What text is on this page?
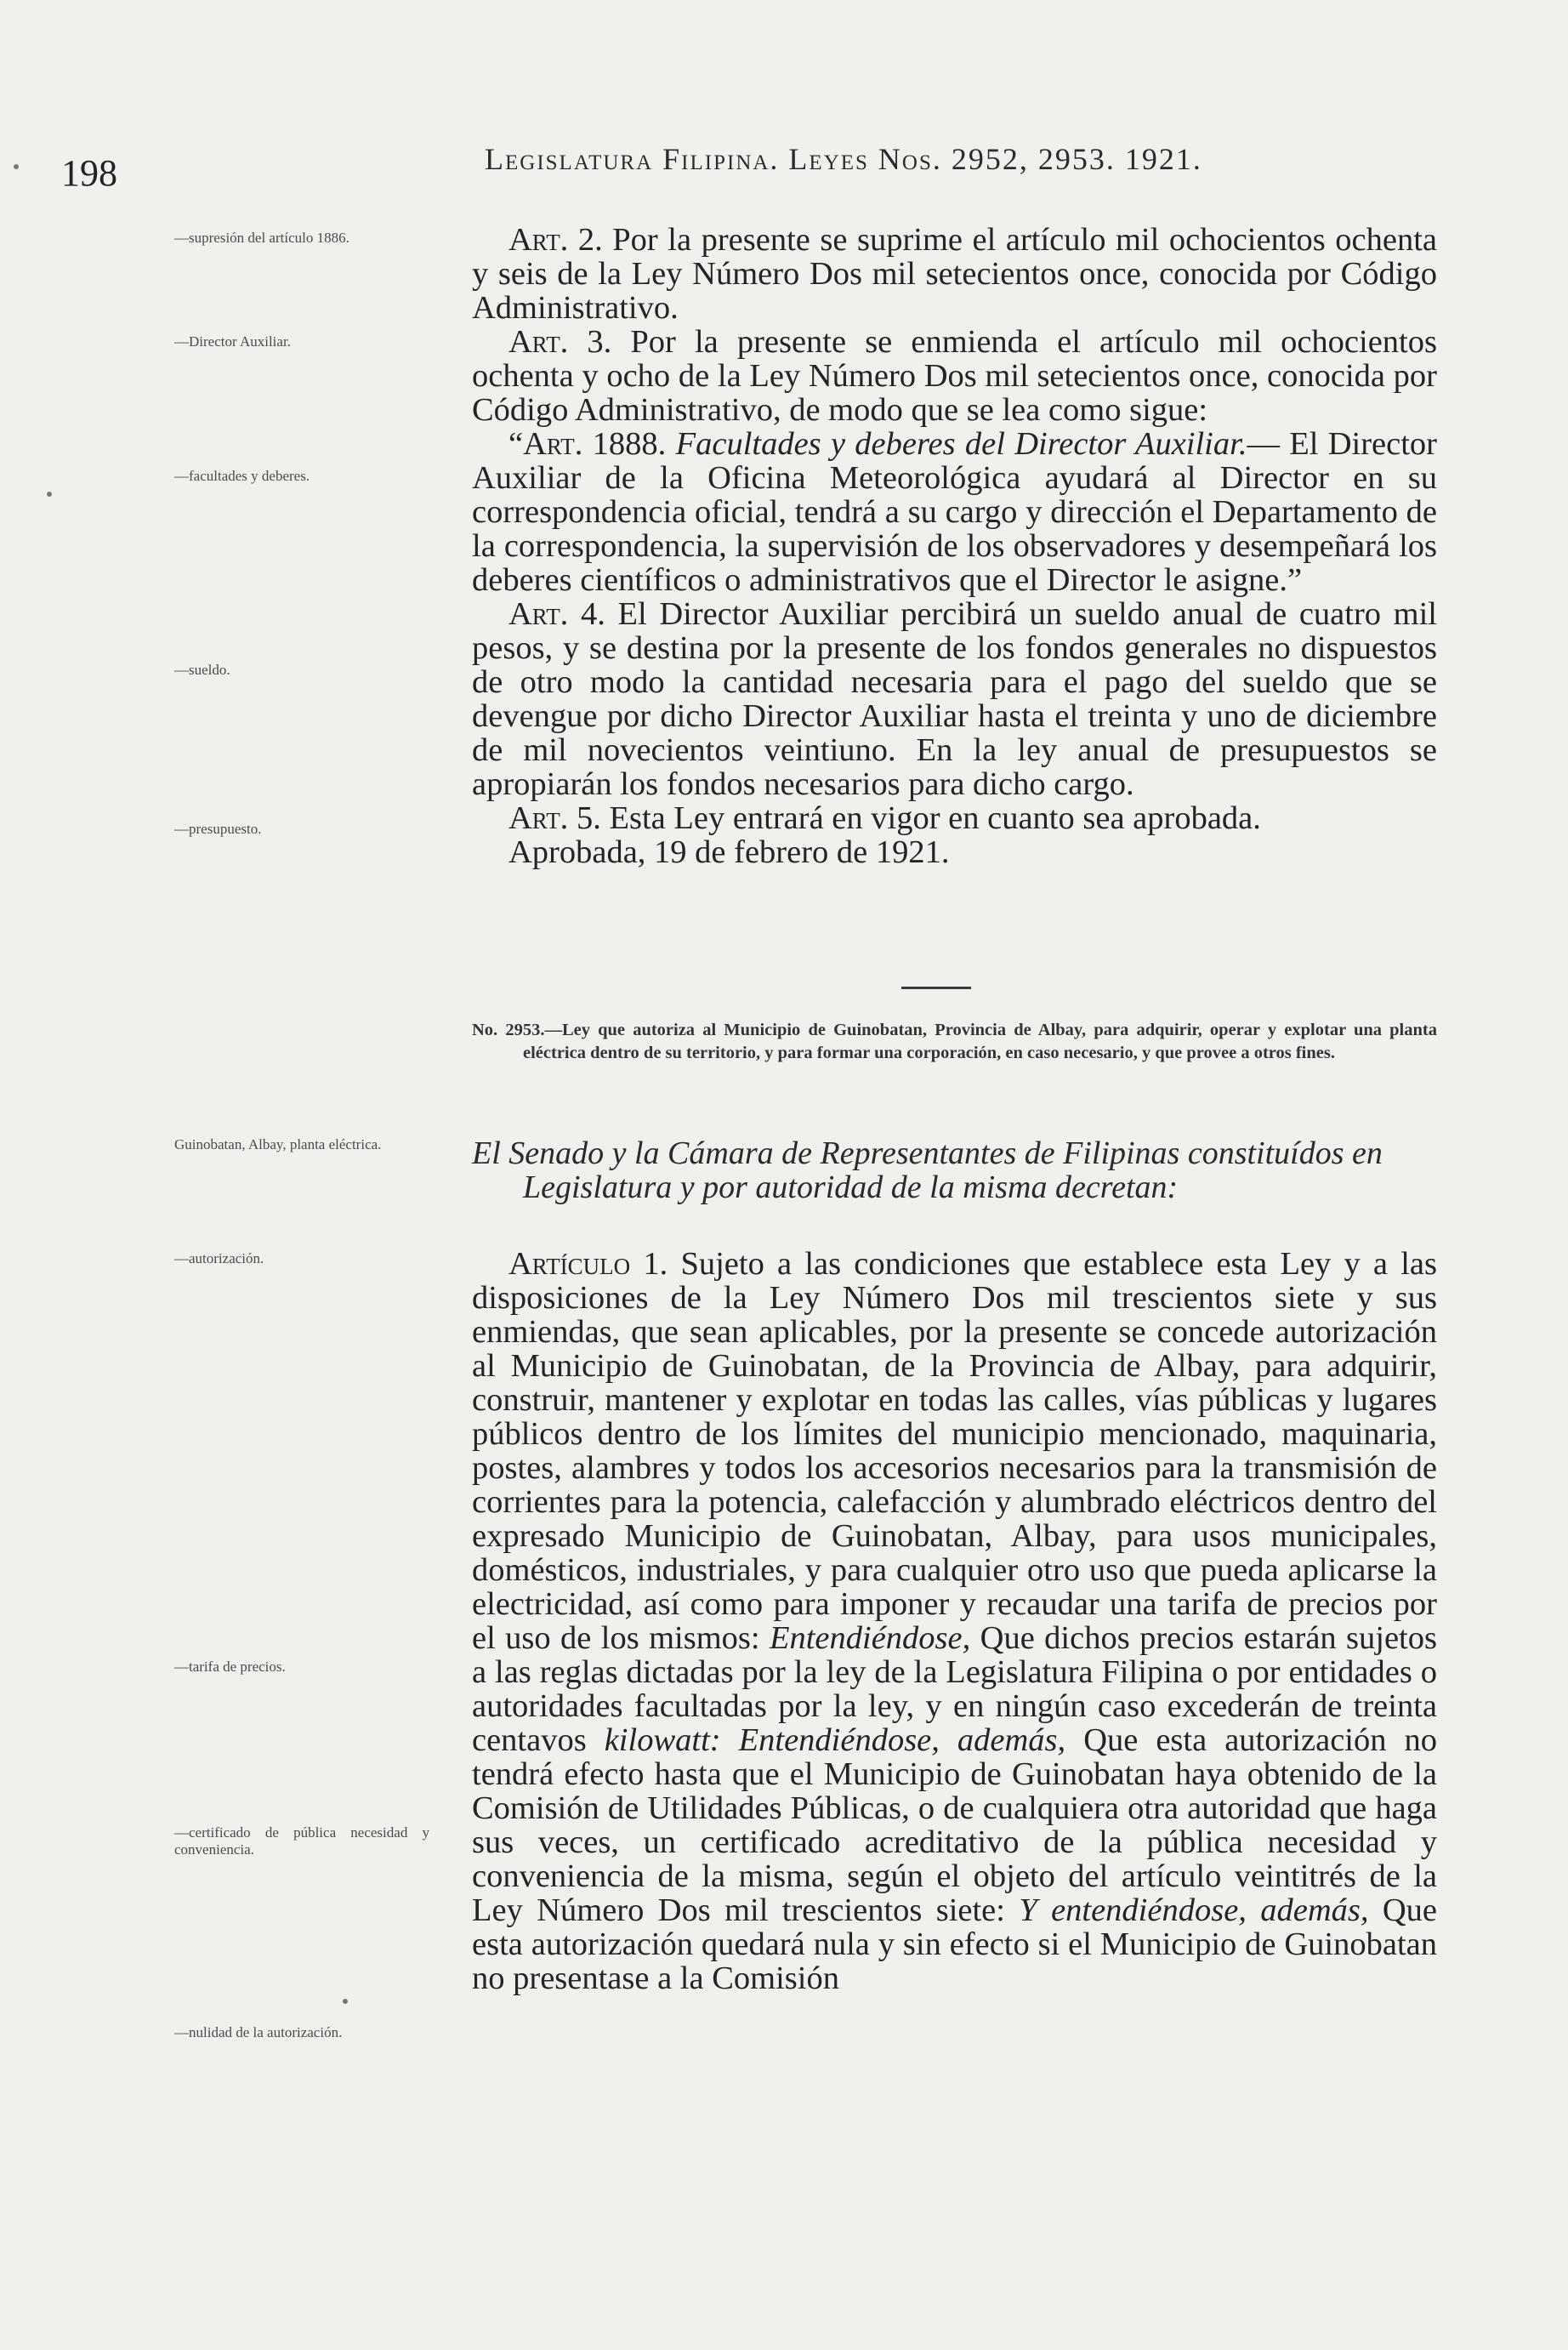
198	Legislatura Filipina. Leyes Nos. 2952, 2953. 1921.
—supresión del artículo 1886.
—Director Auxiliar.
—facultades y deberes.
—sueldo.
—presupuesto.
Guinobatan, Albay, planta eléctrica.
—autorización.
—tarifa de precios.
—certificado de pública necesidad y conveniencia.
—nulidad de la autorización.

Art. 2. Por la presente se suprime el artículo mil ochocientos ochenta y seis de la Ley Número Dos mil setecientos once, conocida por Código Administrativo.

Art. 3. Por la presente se enmienda el artículo mil ochocientos ochenta y ocho de la Ley Número Dos mil setecientos once, conocida por Código Administrativo, de modo que se lea como sigue:

“Art. 1888. Facultades y deberes del Director Auxiliar.— El Director Auxiliar de la Oficina Meteorológica ayudará al Director en su correspondencia oficial, tendrá a su cargo y dirección el Departamento de la correspondencia, la supervisión de los observadores y desempeñará los deberes científicos o administrativos que el Director le asigne.”

Art. 4. El Director Auxiliar percibirá un sueldo anual de cuatro mil pesos, y se destina por la presente de los fondos generales no dispuestos de otro modo la cantidad necesaria para el pago del sueldo que se devengue por dicho Director Auxiliar hasta el treinta y uno de diciembre de mil novecientos veintiuno. En la ley anual de presupuestos se apropiarán los fondos necesarios para dicho cargo.

Art. 5. Esta Ley entrará en vigor en cuanto sea aprobada.

Aprobada, 19 de febrero de 1921.

No. 2953.—Ley que autoriza al Municipio de Guinobatan, Provincia de Albay, para adquirir, operar y explotar una planta eléctrica dentro de su territorio, y para formar una corporación, en caso necesario, y que provee a otros fines.
El Senado y la Cámara de Representantes de Filipinas constituídos en Legislatura y por autoridad de la misma decretan:

Artículo 1. Sujeto a las condiciones que establece esta Ley y a las disposiciones de la Ley Número Dos mil trescientos siete y sus enmiendas, que sean aplicables, por la presente se concede autorización al Municipio de Guinobatan, de la Provincia de Albay, para adquirir, construir, mantener y explotar en todas las calles, vías públicas y lugares públicos dentro de los límites del municipio mencionado, maquinaria, postes, alambres y todos los accesorios necesarios para la transmisión de corrientes para la potencia, calefacción y alumbrado eléctricos dentro del expresado Municipio de Guinobatan, Albay, para usos municipales, domésticos, industriales, y para cualquier otro uso que pueda aplicarse la electricidad, así como para imponer y recaudar una tarifa de precios por el uso de los mismos: Entendiéndose, Que dichos precios estarán sujetos a las reglas dictadas por la ley de la Legislatura Filipina o por entidades o autoridades facultadas por la ley, y en ningún caso excederán de treinta centavos kilowatt: Entendiéndose, además, Que esta autorización no tendrá efecto hasta que el Municipio de Guinobatan haya obtenido de la Comisión de Utilidades Públicas, o de cualquiera otra autoridad que haga sus veces, un certificado acreditativo de la pública necesidad y conveniencia de la misma, según el objeto del artículo veintitrés de la Ley Número Dos mil trescientos siete: Y entendiéndose, además, Que esta autorización quedará nula y sin efecto si el Municipio de Guinobatan no presentase a la Comisión
